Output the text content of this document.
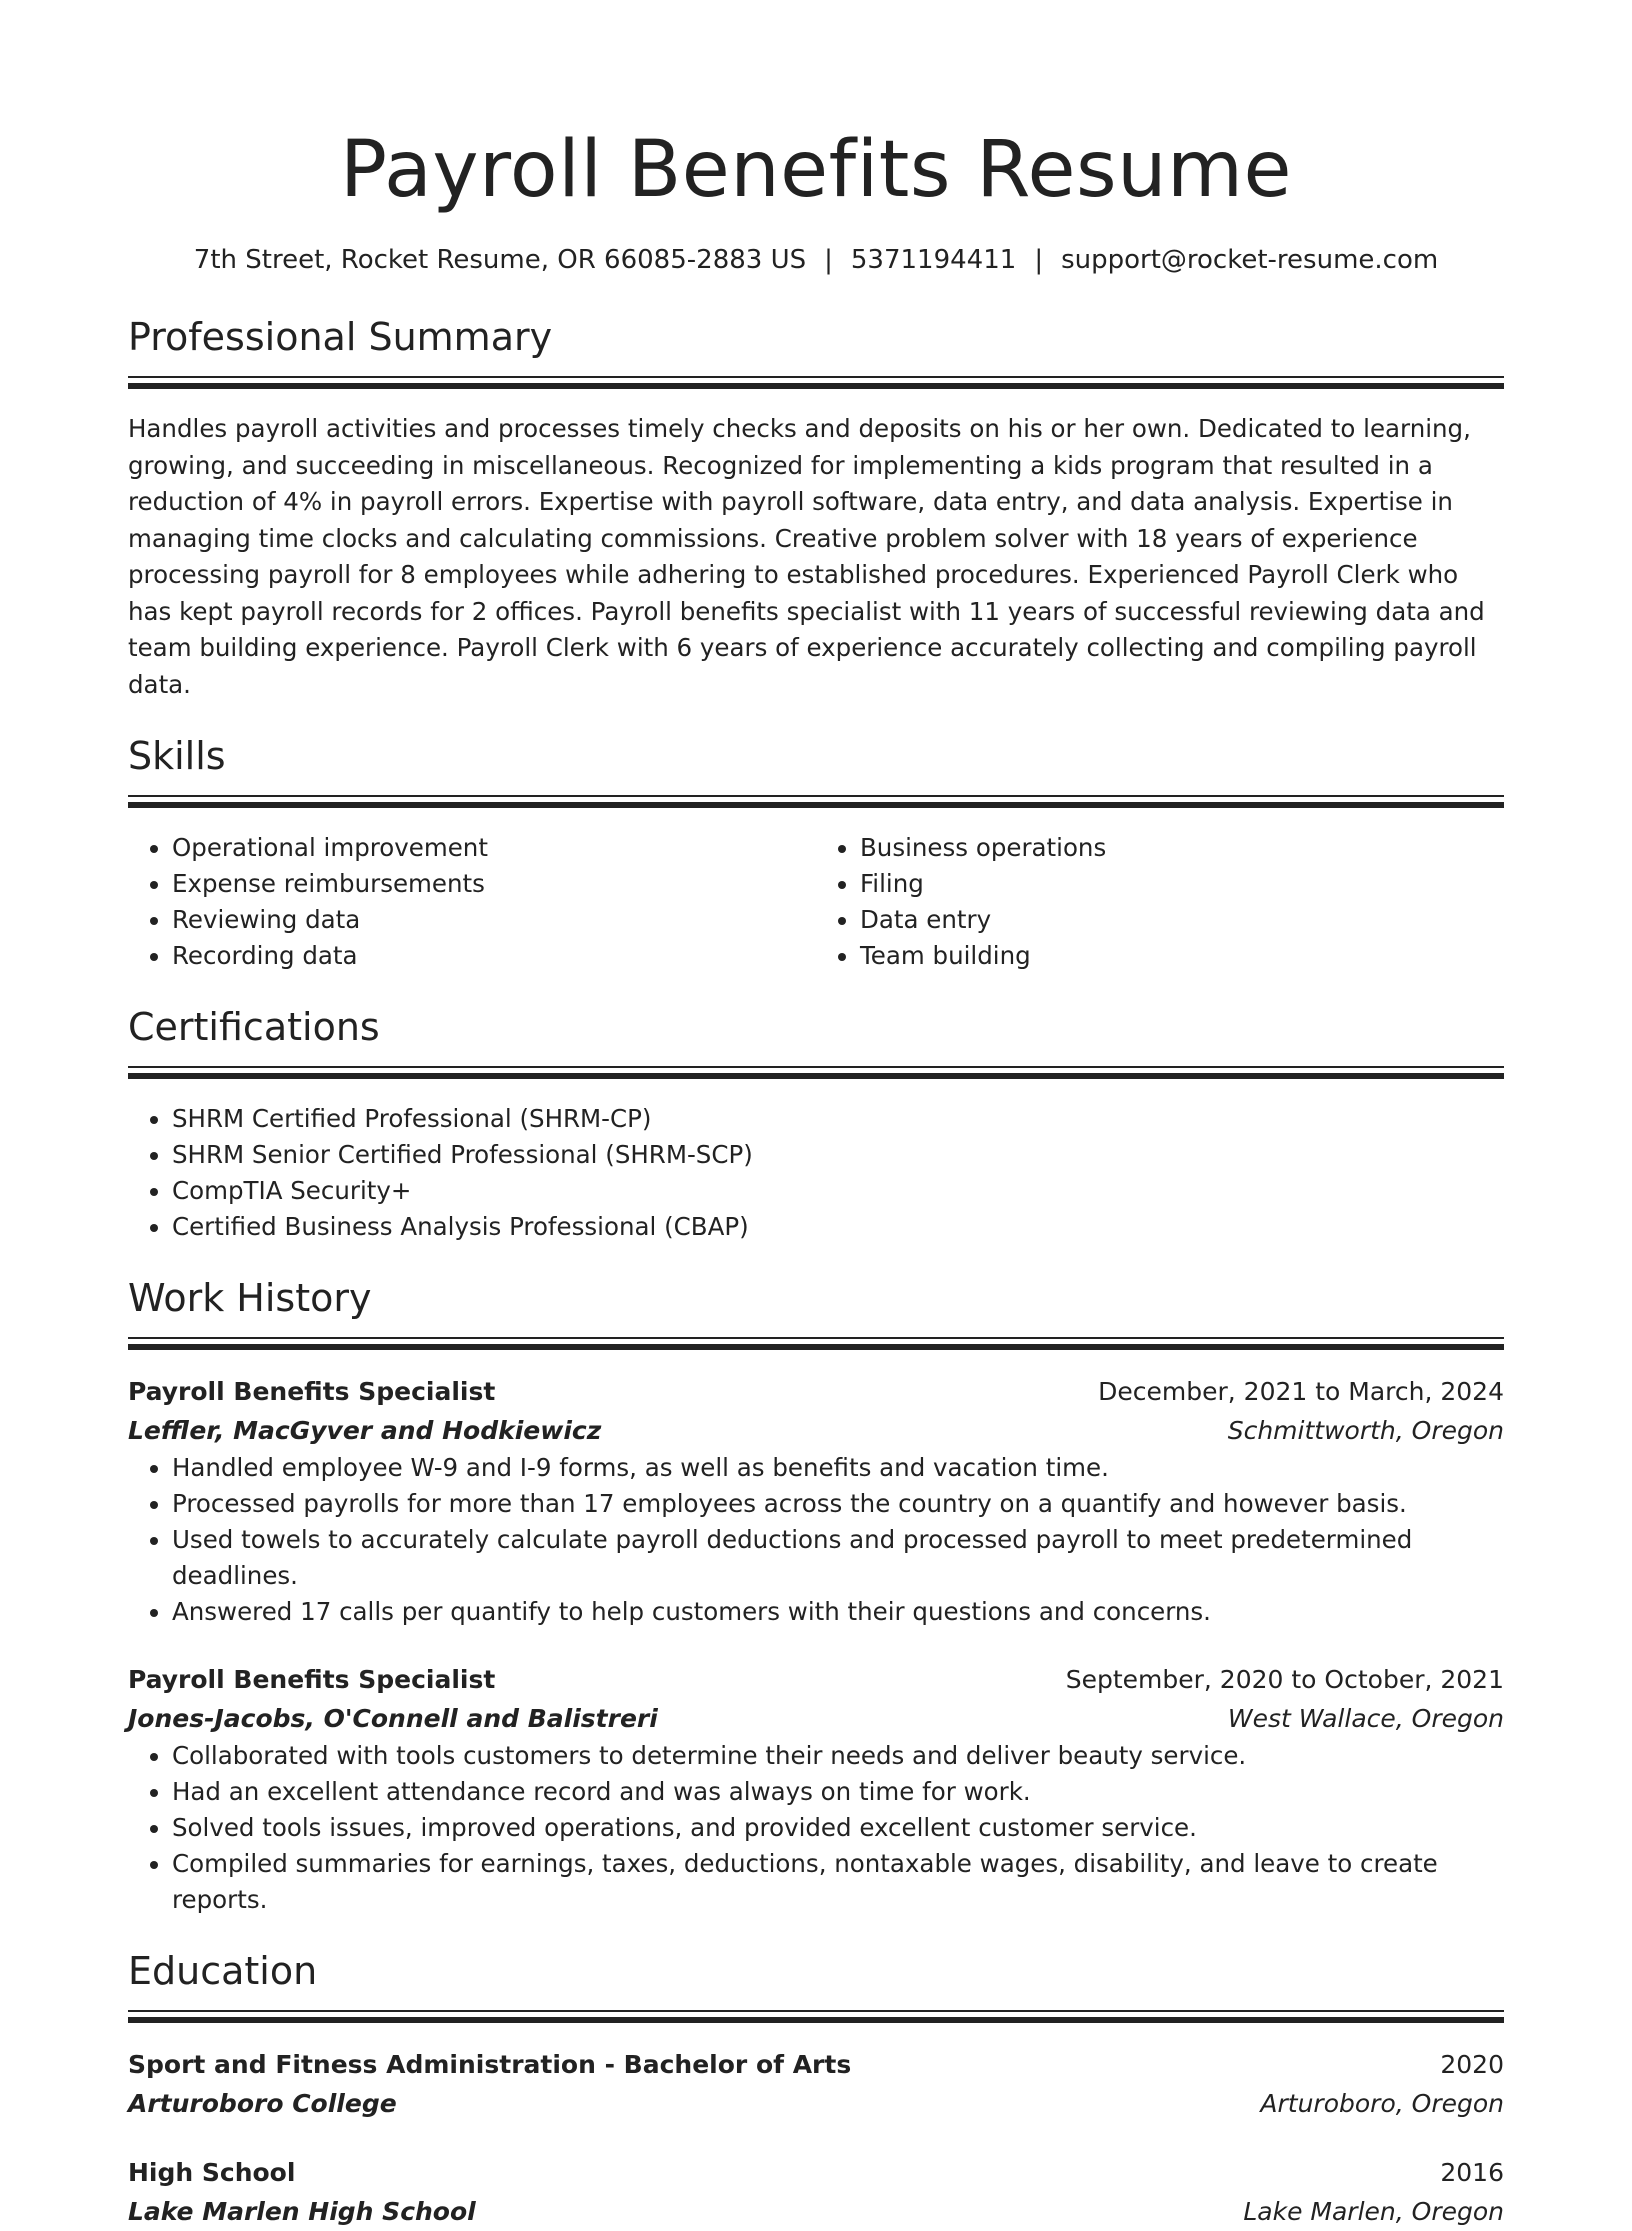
Payroll Benefits Resume
7th Street, Rocket Resume, OR 66085-2883 US | 5371194411 | support@rocket-resume.com
Professional Summary

Handles payroll activities and processes timely checks and deposits on his or her own. Dedicated to learning, growing, and succeeding in miscellaneous. Recognized for implementing a kids program that resulted in a reduction of 4% in payroll errors. Expertise with payroll software, data entry, and data analysis. Expertise in managing time clocks and calculating commissions. Creative problem solver with 18 years of experience processing payroll for 8 employees while adhering to established procedures. Experienced Payroll Clerk who has kept payroll records for 2 offices. Payroll benefits specialist with 11 years of successful reviewing data and team building experience. Payroll Clerk with 6 years of experience accurately collecting and compiling payroll data.

Skills
• Operational improvement
• Expense reimbursements
• Reviewing data
• Recording data
• Business operations
• Filing
• Data entry
• Team building
Certifications
• SHRM Certified Professional (SHRM-CP)
• SHRM Senior Certified Professional (SHRM-SCP)
• CompTIA Security+
• Certified Business Analysis Professional (CBAP)
Work History
Payroll Benefits Specialist	December, 2021 to March, 2024
Leffler, MacGyver and Hodkiewicz	Schmittworth, Oregon
• Handled employee W-9 and I-9 forms, as well as benefits and vacation time.
• Processed payrolls for more than 17 employees across the country on a quantify and however basis.
• Used towels to accurately calculate payroll deductions and processed payroll to meet predetermined deadlines.
• Answered 17 calls per quantify to help customers with their questions and concerns.
Payroll Benefits Specialist	September, 2020 to October, 2021
Jones-Jacobs, O'Connell and Balistreri	West Wallace, Oregon
• Collaborated with tools customers to determine their needs and deliver beauty service.
• Had an excellent attendance record and was always on time for work.
• Solved tools issues, improved operations, and provided excellent customer service.
• Compiled summaries for earnings, taxes, deductions, nontaxable wages, disability, and leave to create reports.
Education
Sport and Fitness Administration - Bachelor of Arts	2020
Arturoboro College	Arturoboro, Oregon
High School	2016
Lake Marlen High School	Lake Marlen, Oregon
